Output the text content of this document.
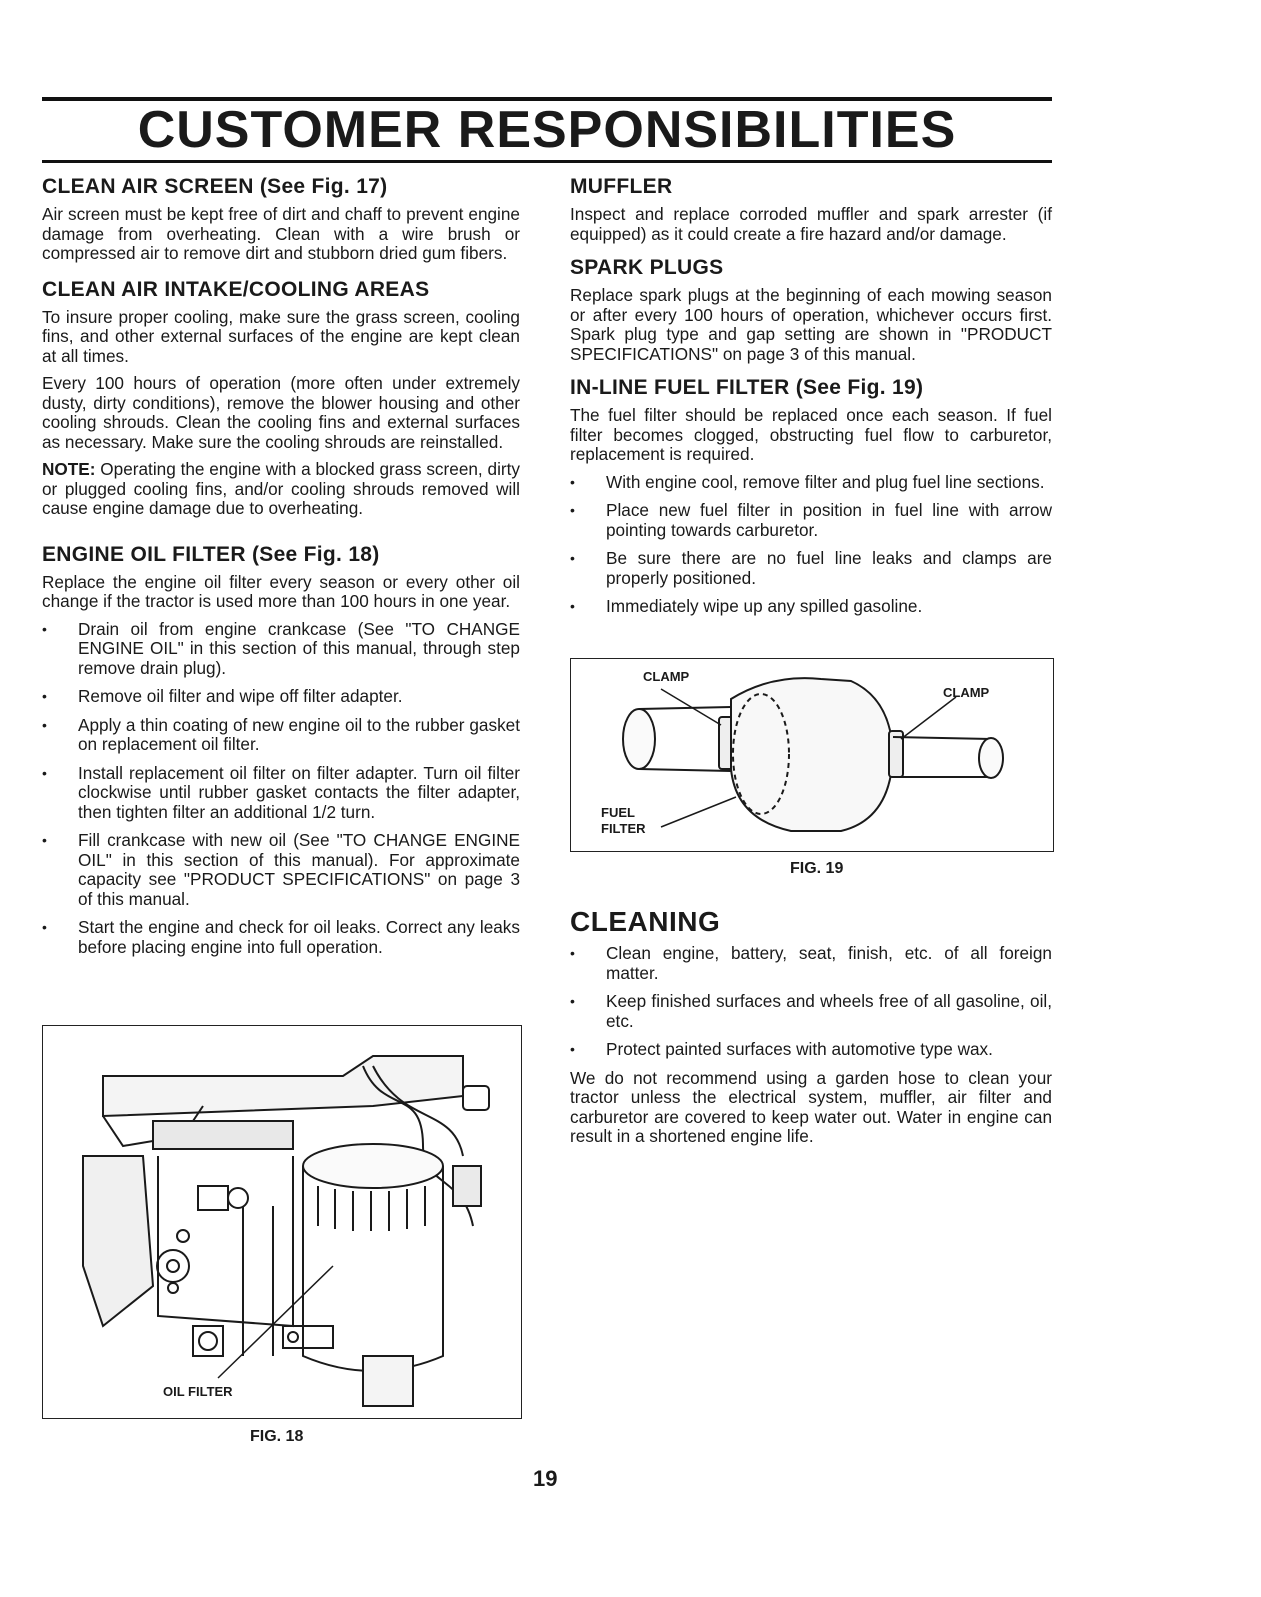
CUSTOMER RESPONSIBILITIES
CLEAN AIR SCREEN (See Fig. 17)

Air screen must be kept free of dirt and chaff to prevent engine damage from overheating. Clean with a wire brush or compressed air to remove dirt and stubborn dried gum fibers.

CLEAN AIR INTAKE/COOLING AREAS

To insure proper cooling, make sure the grass screen, cooling fins, and other external surfaces of the engine are kept clean at all times.

Every 100 hours of operation (more often under extremely dusty, dirty conditions), remove the blower housing and other cooling shrouds. Clean the cooling fins and external surfaces as necessary. Make sure the cooling shrouds are reinstalled.

NOTE: Operating the engine with a blocked grass screen, dirty or plugged cooling fins, and/or cooling shrouds removed will cause engine damage due to overheating.

ENGINE OIL FILTER (See Fig. 18)

Replace the engine oil filter every season or every other oil change if the tractor is used more than 100 hours in one year.

• Drain oil from engine crankcase (See "TO CHANGE ENGINE OIL" in this section of this manual, through step remove drain plug).
• Remove oil filter and wipe off filter adapter.
• Apply a thin coating of new engine oil to the rubber gasket on replacement oil filter.
• Install replacement oil filter on filter adapter. Turn oil filter clockwise until rubber gasket contacts the filter adapter, then tighten filter an additional 1/2 turn.
• Fill crankcase with new oil (See "TO CHANGE ENGINE OIL" in this section of this manual). For approximate capacity see "PRODUCT SPECIFICATIONS" on page 3 of this manual.
• Start the engine and check for oil leaks. Correct any leaks before placing engine into full operation.
OIL FILTER
FIG. 18
MUFFLER

Inspect and replace corroded muffler and spark arrester (if equipped) as it could create a fire hazard and/or damage.

SPARK PLUGS

Replace spark plugs at the beginning of each mowing season or after every 100 hours of operation, whichever occurs first. Spark plug type and gap setting are shown in "PRODUCT SPECIFICATIONS" on page 3 of this manual.

IN-LINE FUEL FILTER (See Fig. 19)

The fuel filter should be replaced once each season. If fuel filter becomes clogged, obstructing fuel flow to carburetor, replacement is required.

• With engine cool, remove filter and plug fuel line sections.
• Place new fuel filter in position in fuel line with arrow pointing towards carburetor.
• Be sure there are no fuel line leaks and clamps are properly positioned.
• Immediately wipe up any spilled gasoline.
CLAMP
CLAMP
FUEL
FILTER
FIG. 19
CLEANING
• Clean engine, battery, seat, finish, etc. of all foreign matter.
• Keep finished surfaces and wheels free of all gasoline, oil, etc.
• Protect painted surfaces with automotive type wax.

We do not recommend using a garden hose to clean your tractor unless the electrical system, muffler, air filter and carburetor are covered to keep water out. Water in engine can result in a shortened engine life.

19
